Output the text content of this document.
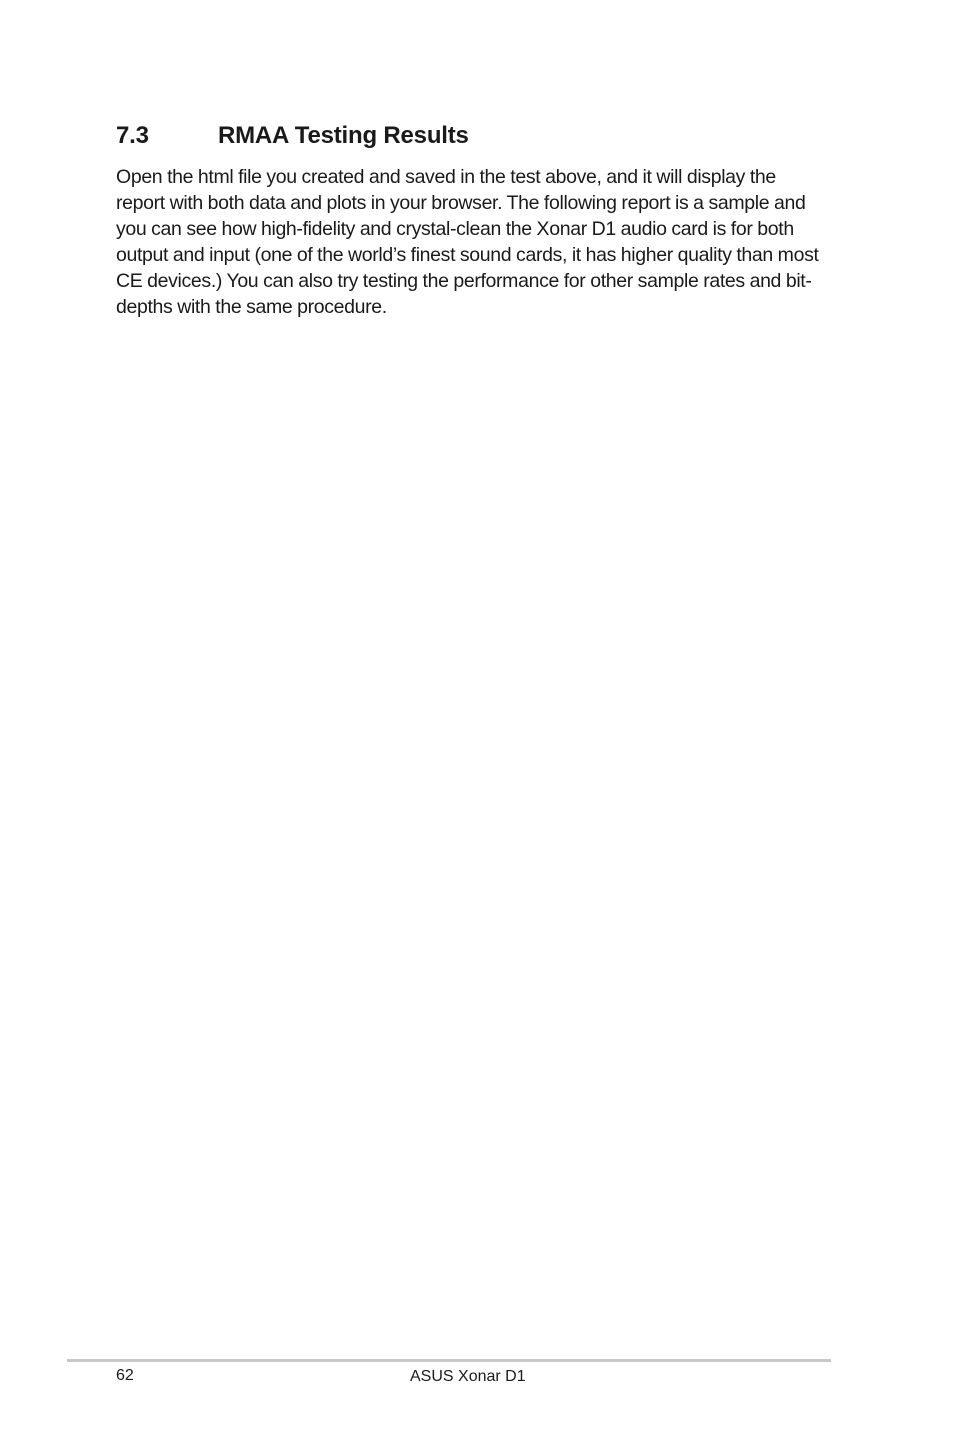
7.3	RMAA Testing Results

Open the html file you created and saved in the test above, and it will display the report with both data and plots in your browser. The following report is a sample and you can see how high-fidelity and crystal-clean the Xonar D1 audio card is for both output and input (one of the world’s finest sound cards, it has higher quality than most CE devices.) You can also try testing the performance for other sample rates and bit-depths with the same procedure.

62	ASUS Xonar D1
